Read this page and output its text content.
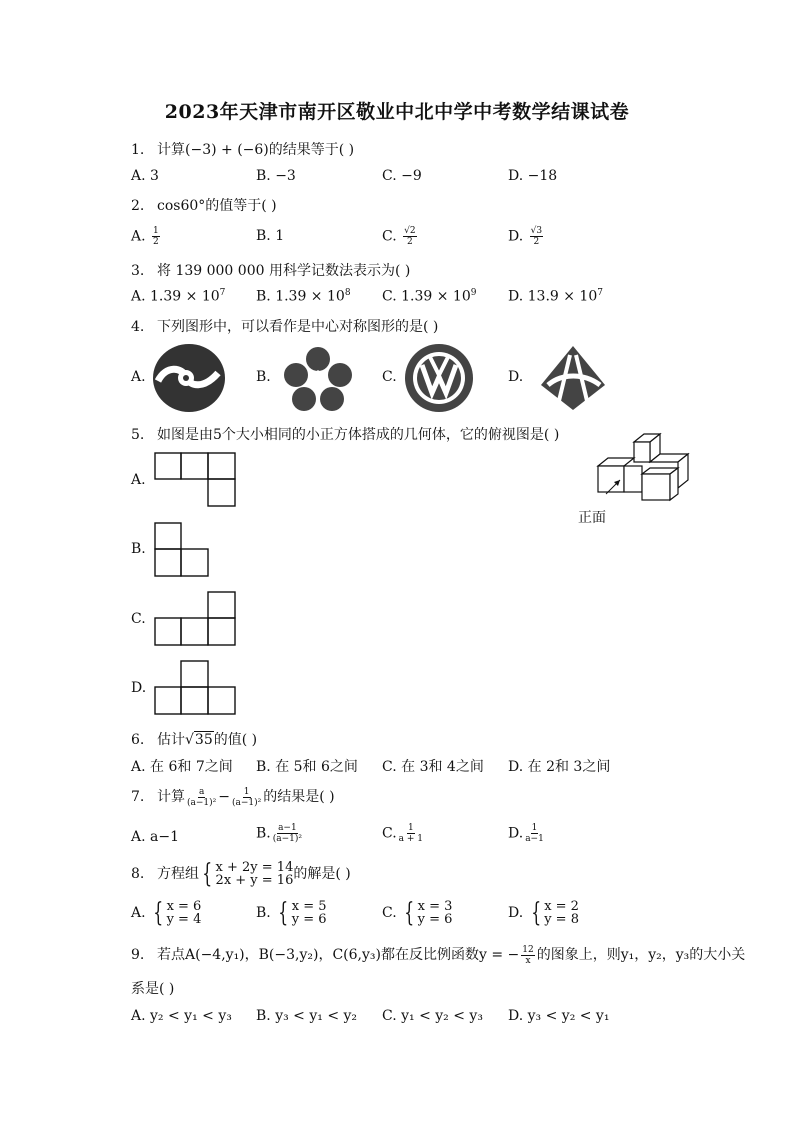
2023年天津市南开区敬业中北中学中考数学结课试卷
1. 计算(−3) + (−6)的结果等于( )
A. 3	B. −3	C. −9	D. −18
2. cos60°的值等于( )
A. $\frac{1}{2}$	B. 1	C. $\frac{√2}{2}$	D. $\frac{√3}{2}$
3. 将 139 000 000 用科学记数法表示为( )
A. $1.39 \times 10^7$ B. $1.39 \times 10^8$ C. $1.39 \times 10^9$ D. $13.9 \times 10^7$
4. 下列图形中，可以看作是中心对称图形的是( )
A.	B.	C.	D.
5. 如图是由5个大小相同的小正方体搭成的几何体，它的俯视图是( )
A.
B.
C.
D.
正面
6. 估计√35的值( )
A. 在 6和 7之间 B. 在 5和 6之间 C. 在 3和 4之间 D. 在 2和 3之间
7. 计算 $\frac{a}{\text{(a−1)²}} - \frac{1}{\text{(a−1)²}}$ 的结果是( )
A. a−1	B. $\frac{a-1}{\text{(a−1)²}}$	C. $\frac{1}{a + 1}$	D. $\frac{1}{a-1}$
8. 方程组 { x + 2y = 14
2x + y = 16 的解是( )
A. { x = 6
y = 4	B. { x = 5
y = 6	C. { x = 3
y = 6	D. { x = 2
y = 8
9. 若点A(−4,y₁)，B(−3,y₂)，C(6,y₃)都在反比例函数y = − $\frac{12}{x}$ 的图象上，则y₁，y₂，y₃的大小关
系是( )
A. y₂ < y₁ < y₃ B. y₃ < y₁ < y₂ C. y₁ < y₂ < y₃ D. y₃ < y₂ < y₁
